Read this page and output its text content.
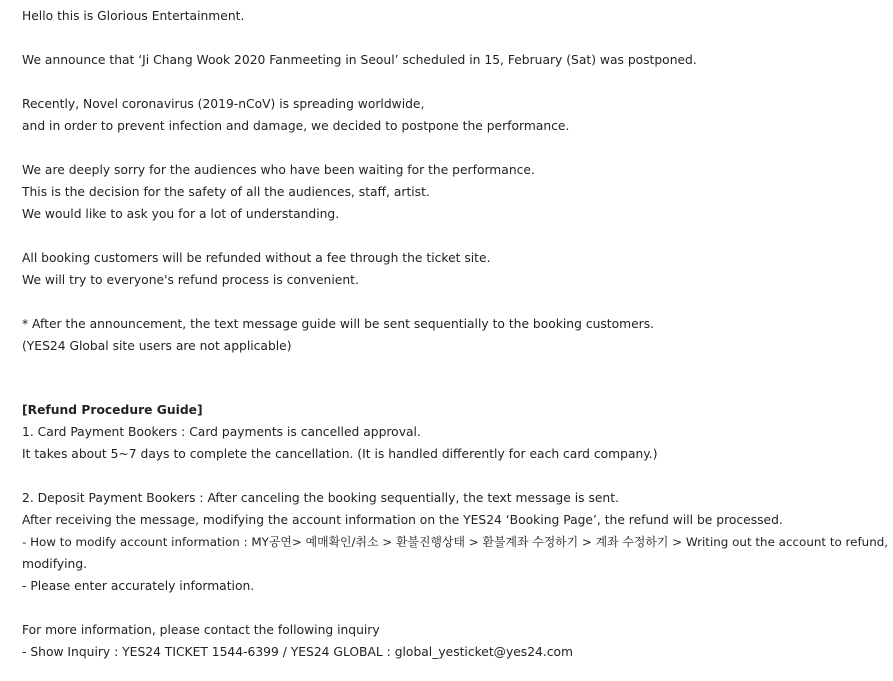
Hello this is Glorious Entertainment.
We announce that ‘Ji Chang Wook 2020 Fanmeeting in Seoul’ scheduled in 15, February (Sat) was postponed.
Recently, Novel coronavirus (2019-nCoV) is spreading worldwide,
and in order to prevent infection and damage, we decided to postpone the performance.
We are deeply sorry for the audiences who have been waiting for the performance.
This is the decision for the safety of all the audiences, staff, artist.
We would like to ask you for a lot of understanding.
All booking customers will be refunded without a fee through the ticket site.
We will try to everyone's refund process is convenient.
* After the announcement, the text message guide will be sent sequentially to the booking customers.
(YES24 Global site users are not applicable)
[Refund Procedure Guide]
1. Card Payment Bookers : Card payments is cancelled approval.
It takes about 5~7 days to complete the cancellation. (It is handled differently for each card company.)
2. Deposit Payment Bookers : After canceling the booking sequentially, the text message is sent.
After receiving the message, modifying the account information on the YES24 ‘Booking Page’, the refund will be processed.
- How to modify account information : MY공연> 예매확인/취소 > 환불진행상태 > 환불계좌 수정하기 > 계좌 수정하기 > Writing out the account to refund,
modifying.
- Please enter accurately information.
For more information, please contact the following inquiry
- Show Inquiry : YES24 TICKET 1544-6399 / YES24 GLOBAL : global_yesticket@yes24.com
